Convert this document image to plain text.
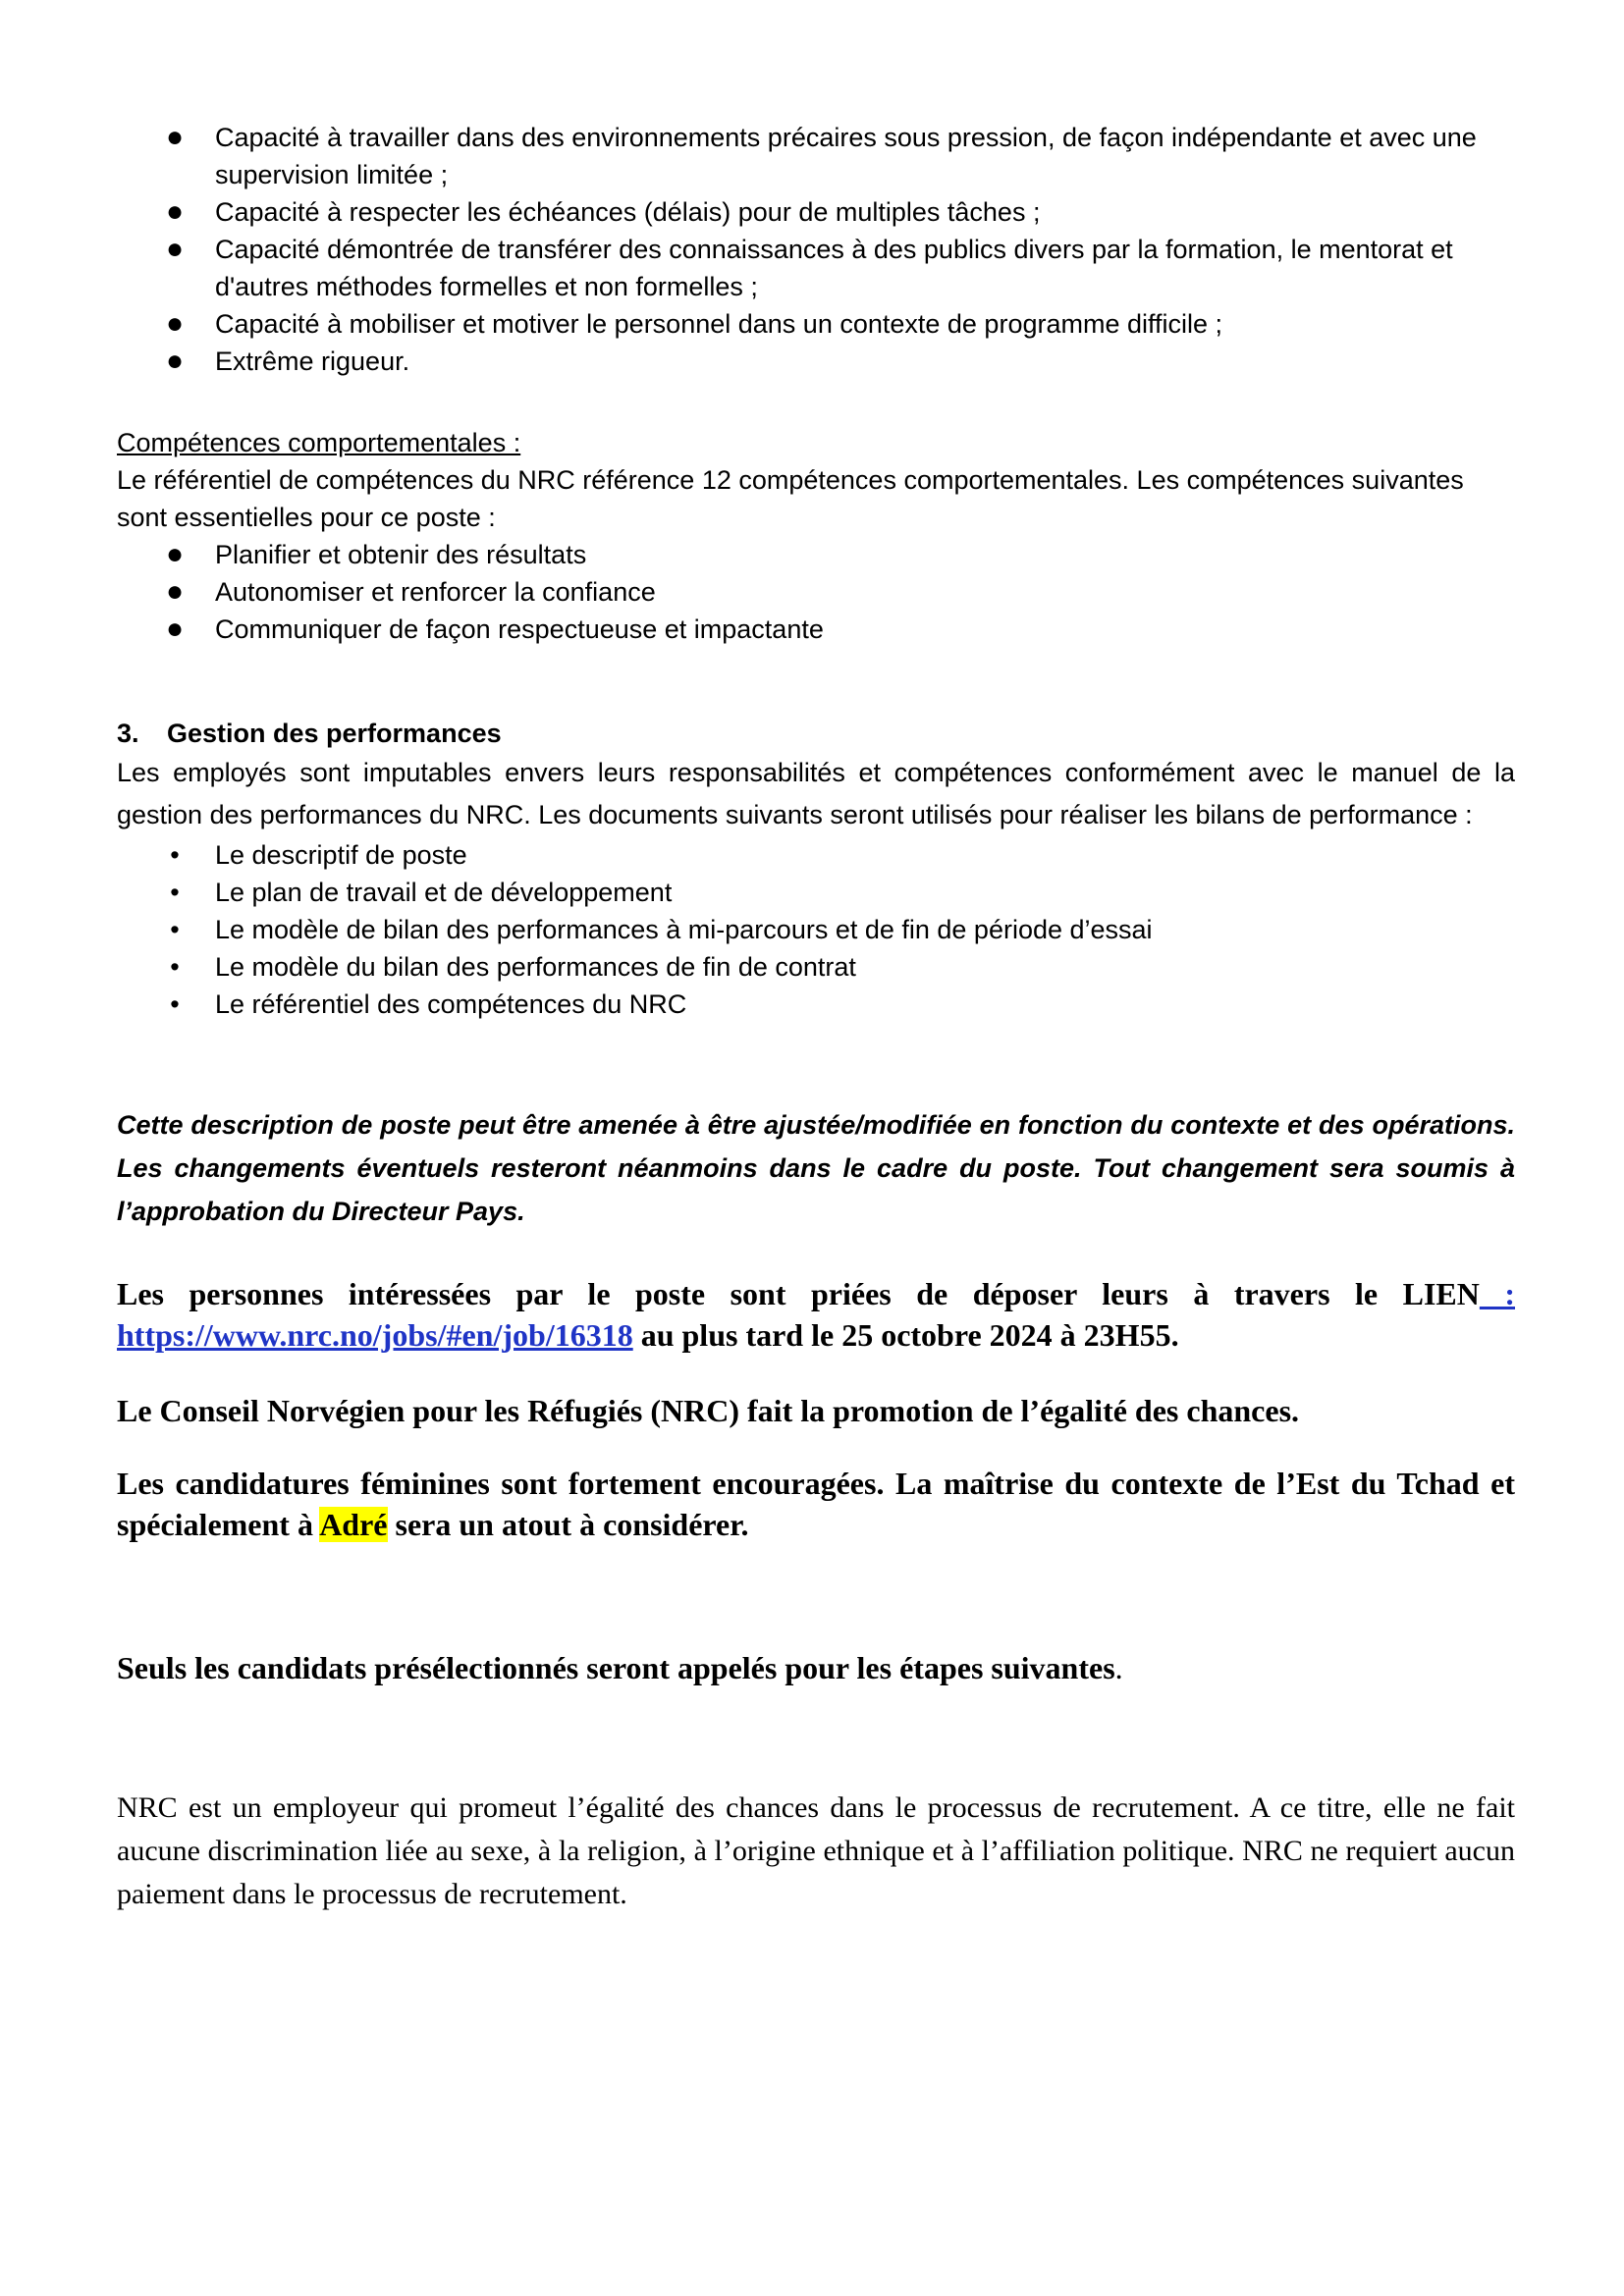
● Capacité à travailler dans des environnements précaires sous pression, de façon indépendante et avec une supervision limitée ;
● Capacité à respecter les échéances (délais) pour de multiples tâches ;
● Capacité démontrée de transférer des connaissances à des publics divers par la formation, le mentorat et d'autres méthodes formelles et non formelles ;
● Capacité à mobiliser et motiver le personnel dans un contexte de programme difficile ;
● Extrême rigueur.
Compétences comportementales :
Le référentiel de compétences du NRC référence 12 compétences comportementales. Les compétences suivantes sont essentielles pour ce poste :
● Planifier et obtenir des résultats
● Autonomiser et renforcer la confiance
● Communiquer de façon respectueuse et impactante
3. Gestion des performances
Les employés sont imputables envers leurs responsabilités et compétences conformément avec le manuel de la gestion des performances du NRC. Les documents suivants seront utilisés pour réaliser les bilans de performance :
• Le descriptif de poste
• Le plan de travail et de développement
• Le modèle de bilan des performances à mi-parcours et de fin de période d’essai
• Le modèle du bilan des performances de fin de contrat
• Le référentiel des compétences du NRC
Cette description de poste peut être amenée à être ajustée/modifiée en fonction du contexte et des opérations. Les changements éventuels resteront néanmoins dans le cadre du poste. Tout changement sera soumis à l’approbation du Directeur Pays.
Les personnes intéressées par le poste sont priées de déposer leurs à travers le LIEN : https://www.nrc.no/jobs/#en/job/16318 au plus tard le 25 octobre 2024 à 23H55.
Le Conseil Norvégien pour les Réfugiés (NRC) fait la promotion de l’égalité des chances.
Les candidatures féminines sont fortement encouragées. La maîtrise du contexte de l’Est du Tchad et spécialement à Adré sera un atout à considérer.
Seuls les candidats présélectionnés seront appelés pour les étapes suivantes.
NRC est un employeur qui promeut l’égalité des chances dans le processus de recrutement. A ce titre, elle ne fait aucune discrimination liée au sexe, à la religion, à l’origine ethnique et à l’affiliation politique. NRC ne requiert aucun paiement dans le processus de recrutement.
